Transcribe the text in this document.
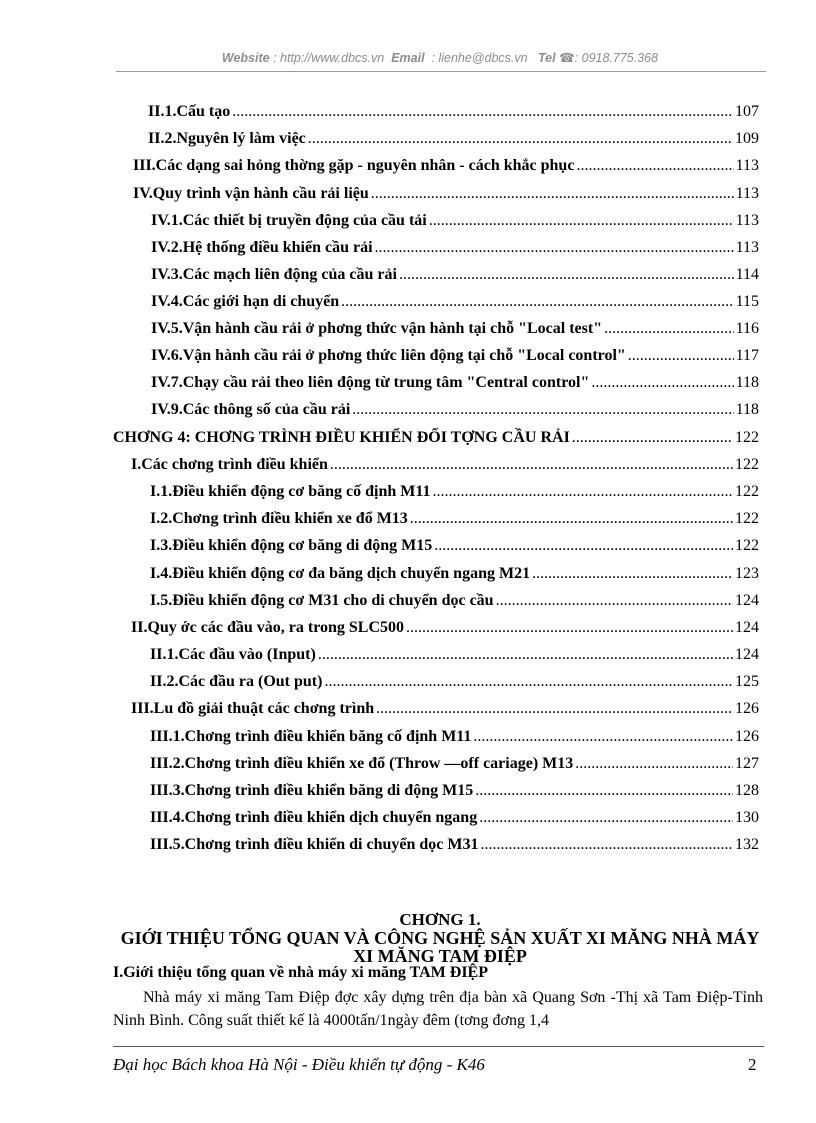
Website : http://www.dbcs.vn Email : lienhe@dbcs.vn Tel ☎: 0918.775.368
II.1.Cấu tạo .....	107
II.2.Nguyên lý làm việc .....	109
III.Các dạng sai hỏng thờng gặp - nguyên nhân - cách khắc phục .....	113
IV.Quy trình vận hành cầu rải liệu .....	113
IV.1.Các thiết bị truyền động của cầu tải .....	113
IV.2.Hệ thống điều khiển cầu rải .....	113
IV.3.Các mạch liên động của cầu rải .....	114
IV.4.Các giới hạn di chuyển .....	115
IV.5.Vận hành cầu rải ở phơng thức vận hành tại chỗ "Local test" .....	116
IV.6.Vận hành cầu rải ở phơng thức liên động tại chỗ "Local control" .....	117
IV.7.Chạy cầu rải theo liên động từ trung tâm "Central control" .....	118
IV.9.Các thông số của cầu rải .....	118
CHƠNG 4: CHƠNG TRÌNH ĐIỀU KHIỂN ĐỐI TỢNG CẦU RẢI .....	122
I.Các chơng trình điều khiển .....	122
I.1.Điều khiển động cơ băng cố định M11 .....	122
I.2.Chơng trình điều khiển xe đổ M13 .....	122
I.3.Điều khiển động cơ băng di động M15 .....	122
I.4.Điều khiển động cơ đa băng dịch chuyển ngang M21 .....	123
I.5.Điều khiển động cơ M31 cho di chuyển dọc cầu .....	124
II.Quy ớc các đầu vào, ra trong SLC500 .....	124
II.1.Các đầu vào (Input) .....	124
II.2.Các đầu ra (Out put) .....	125
III.Lu đồ giải thuật các chơng trình .....	126
III.1.Chơng trình điều khiển băng cố định M11 .....	126
III.2.Chơng trình điều khiển xe đổ (Throw —off cariage) M13 .....	127
III.3.Chơng trình điều khiển băng di động M15 .....	128
III.4.Chơng trình điều khiển dịch chuyển ngang .....	130
III.5.Chơng trình điều khiển di chuyển dọc M31 .....	132
CHƠNG 1.
GIỚI THIỆU TỔNG QUAN VÀ CÔNG NGHỆ SẢN XUẤT XI MĂNG NHÀ MÁY XI MĂNG TAM ĐIỆP
I.Giới thiệu tổng quan về nhà máy xi măng TAM ĐIỆP
Nhà máy xi măng Tam Điệp đợc xây dựng trên địa bàn xã Quang Sơn -Thị xã Tam Điệp-Tỉnh Ninh Bình. Công suất thiết kế là 4000tấn/1ngày đêm (tơng đơng 1,4
Đại học Bách khoa Hà Nội - Điều khiển tự động - K46	2
